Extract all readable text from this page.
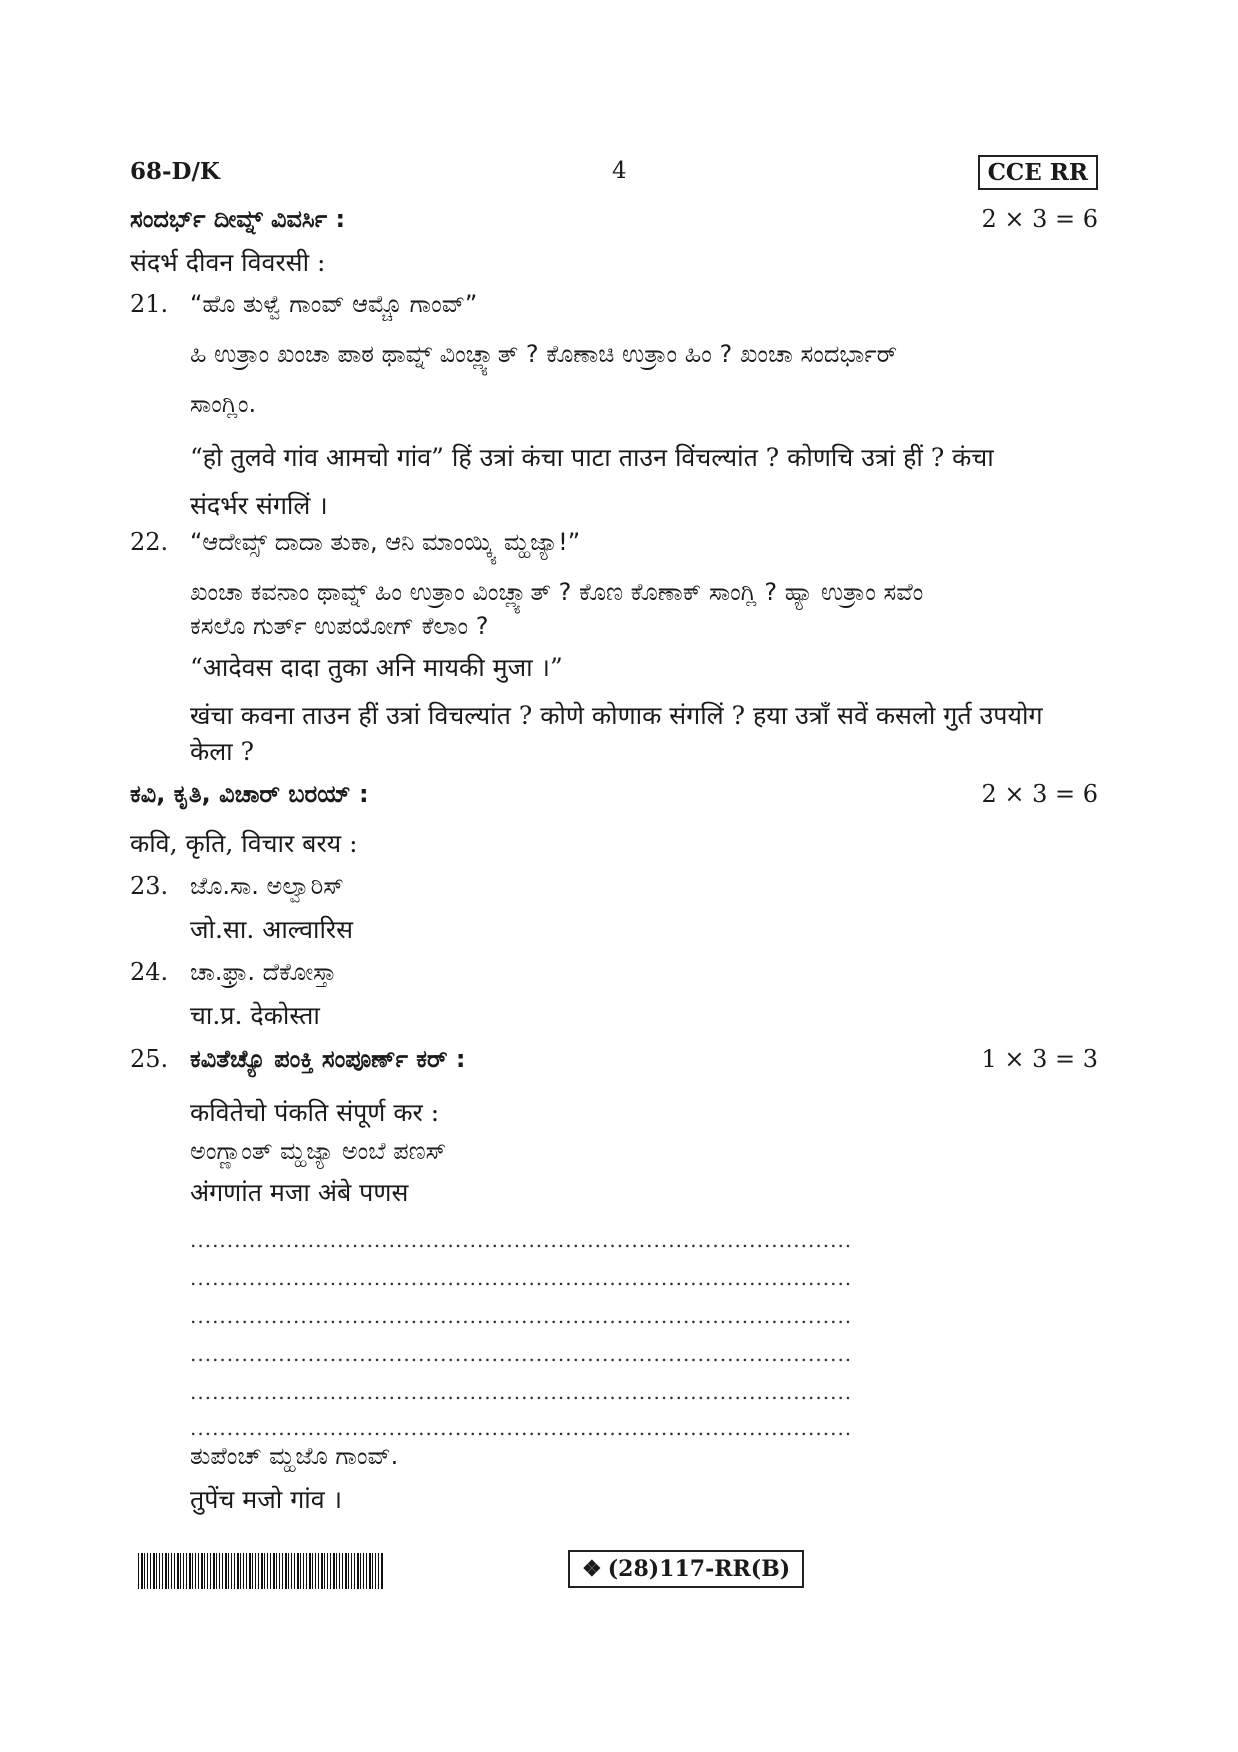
68-D/K	4	CCE RR
ಸಂದರ್ಭ್ ದೀವ್ನ್ ವಿವರ್ಸಿ :	2 × 3 = 6
संदर्भ दीवन विवरसी :
21. “ಹೊ ತುಳ್ವೆ ಗಾಂವ್ ಆಮ್ಚೊ ಗಾಂವ್”
ಹಿ ಉತ್ರಾಂ ಖಂಚಾ ಪಾಠ ಥಾವ್ನ್ ವಿಂಚ್ಲ್ಯಾತ್ ? ಕೊಣಾಚಿ ಉತ್ರಾಂ ಹಿಂ ? ಖಂಚಾ ಸಂದರ್ಭಾರ್
ಸಾಂಗ್ಲಿಂ.
“हो तुलवे गांव आमचो गांव” हिं उत्रां कंचा पाटा ताउन विंचल्यांत ? कोणचि उत्रां हीं ? कंचा
संदर्भर संगलिं ।
22. “ಆದೇವ್ಸ್ ದಾದಾ ತುಕಾ, ಆನಿ ಮಾಂಯ್ಕ್ಯಿ ಮ್ಹಜ್ಯಾ!”
ಖಂಚಾ ಕವನಾಂ ಥಾವ್ನ್ ಹಿಂ ಉತ್ರಾಂ ವಿಂಚ್ಲ್ಯಾತ್ ? ಕೊಣ ಕೊಣಾಕ್ ಸಾಂಗ್ಲಿ ? ಹ್ಯಾ ಉತ್ರಾಂ ಸವೆಂ
ಕಸಲೊ ಗುರ್ತ್ ಉಪಯೋಗ್ ಕೆಲಾಂ ?
“आदेवस दादा तुका अनि मायकी मुजा ।”
खंचा कवना ताउन हीं उत्रां विचल्यांत ? कोणे कोणाक संगलिं ? हया उत्राँ सवें कसलो गुर्त उपयोग
केला ?
ಕವಿ, ಕೃತಿ, ವಿಚಾರ್ ಬರಯ್ :	2 × 3 = 6
कवि, कृति, विचार बरय :
23. ಜೊ.ಸಾ. ಅಲ್ವಾರಿಸ್
जो.सा. आल्वारिस
24. ಚಾ.ಫ್ರಾ. ದೆಕೋಸ್ತಾ
चा.प्र. देकोस्ता
25. ಕವಿತೆಚ್ಯೊ ಪಂಕ್ತಿ ಸಂಪೂರ್ಣ್ ಕರ್ :	1 × 3 = 3
कवितेचो पंकति संपूर्ण कर :
ಅಂಗ್ಣಾಂತ್ ಮ್ಹಜ್ಯಾ ಅಂಬೆ ಪಣಸ್
अंगणांत मजा अंबे पणस
..........................................................................................
..........................................................................................
..........................................................................................
..........................................................................................
..........................................................................................
..........................................................................................
ತುಪೆಂಚ್ ಮ್ಹಜೊ ಗಾಂವ್.
तुपेंच मजो गांव ।
❖ (28)117-RR(B)
